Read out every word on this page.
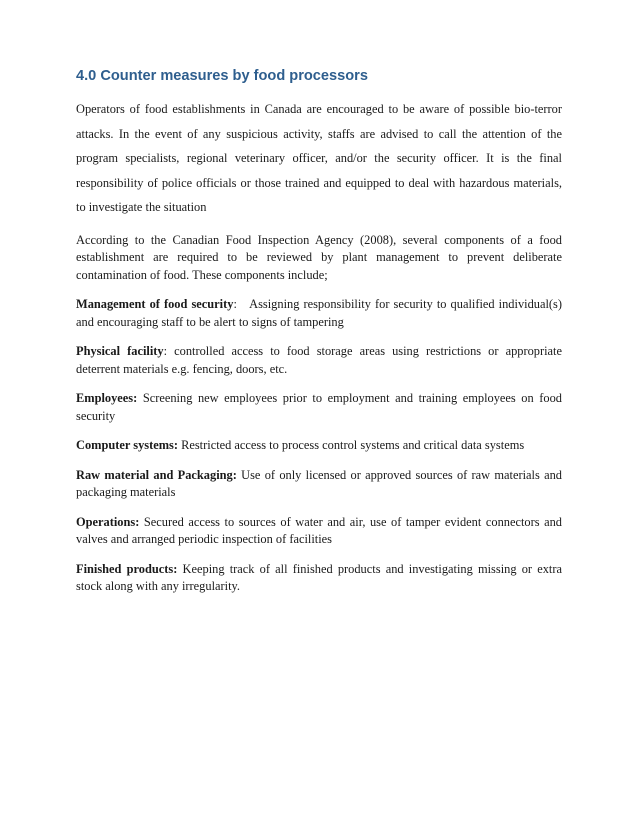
4.0 Counter measures by food processors

Operators of food establishments in Canada are encouraged to be aware of possible bio-terror attacks. In the event of any suspicious activity, staffs are advised to call the attention of the program specialists, regional veterinary officer, and/or the security officer. It is the final responsibility of police officials or those trained and equipped to deal with hazardous materials, to investigate the situation

According to the Canadian Food Inspection Agency (2008), several components of a food establishment are required to be reviewed by plant management to prevent deliberate contamination of food. These components include;

Management of food security: Assigning responsibility for security to qualified individual(s) and encouraging staff to be alert to signs of tampering

Physical facility: controlled access to food storage areas using restrictions or appropriate deterrent materials e.g. fencing, doors, etc.

Employees: Screening new employees prior to employment and training employees on food security

Computer systems: Restricted access to process control systems and critical data systems

Raw material and Packaging: Use of only licensed or approved sources of raw materials and packaging materials

Operations: Secured access to sources of water and air, use of tamper evident connectors and valves and arranged periodic inspection of facilities

Finished products: Keeping track of all finished products and investigating missing or extra stock along with any irregularity.
